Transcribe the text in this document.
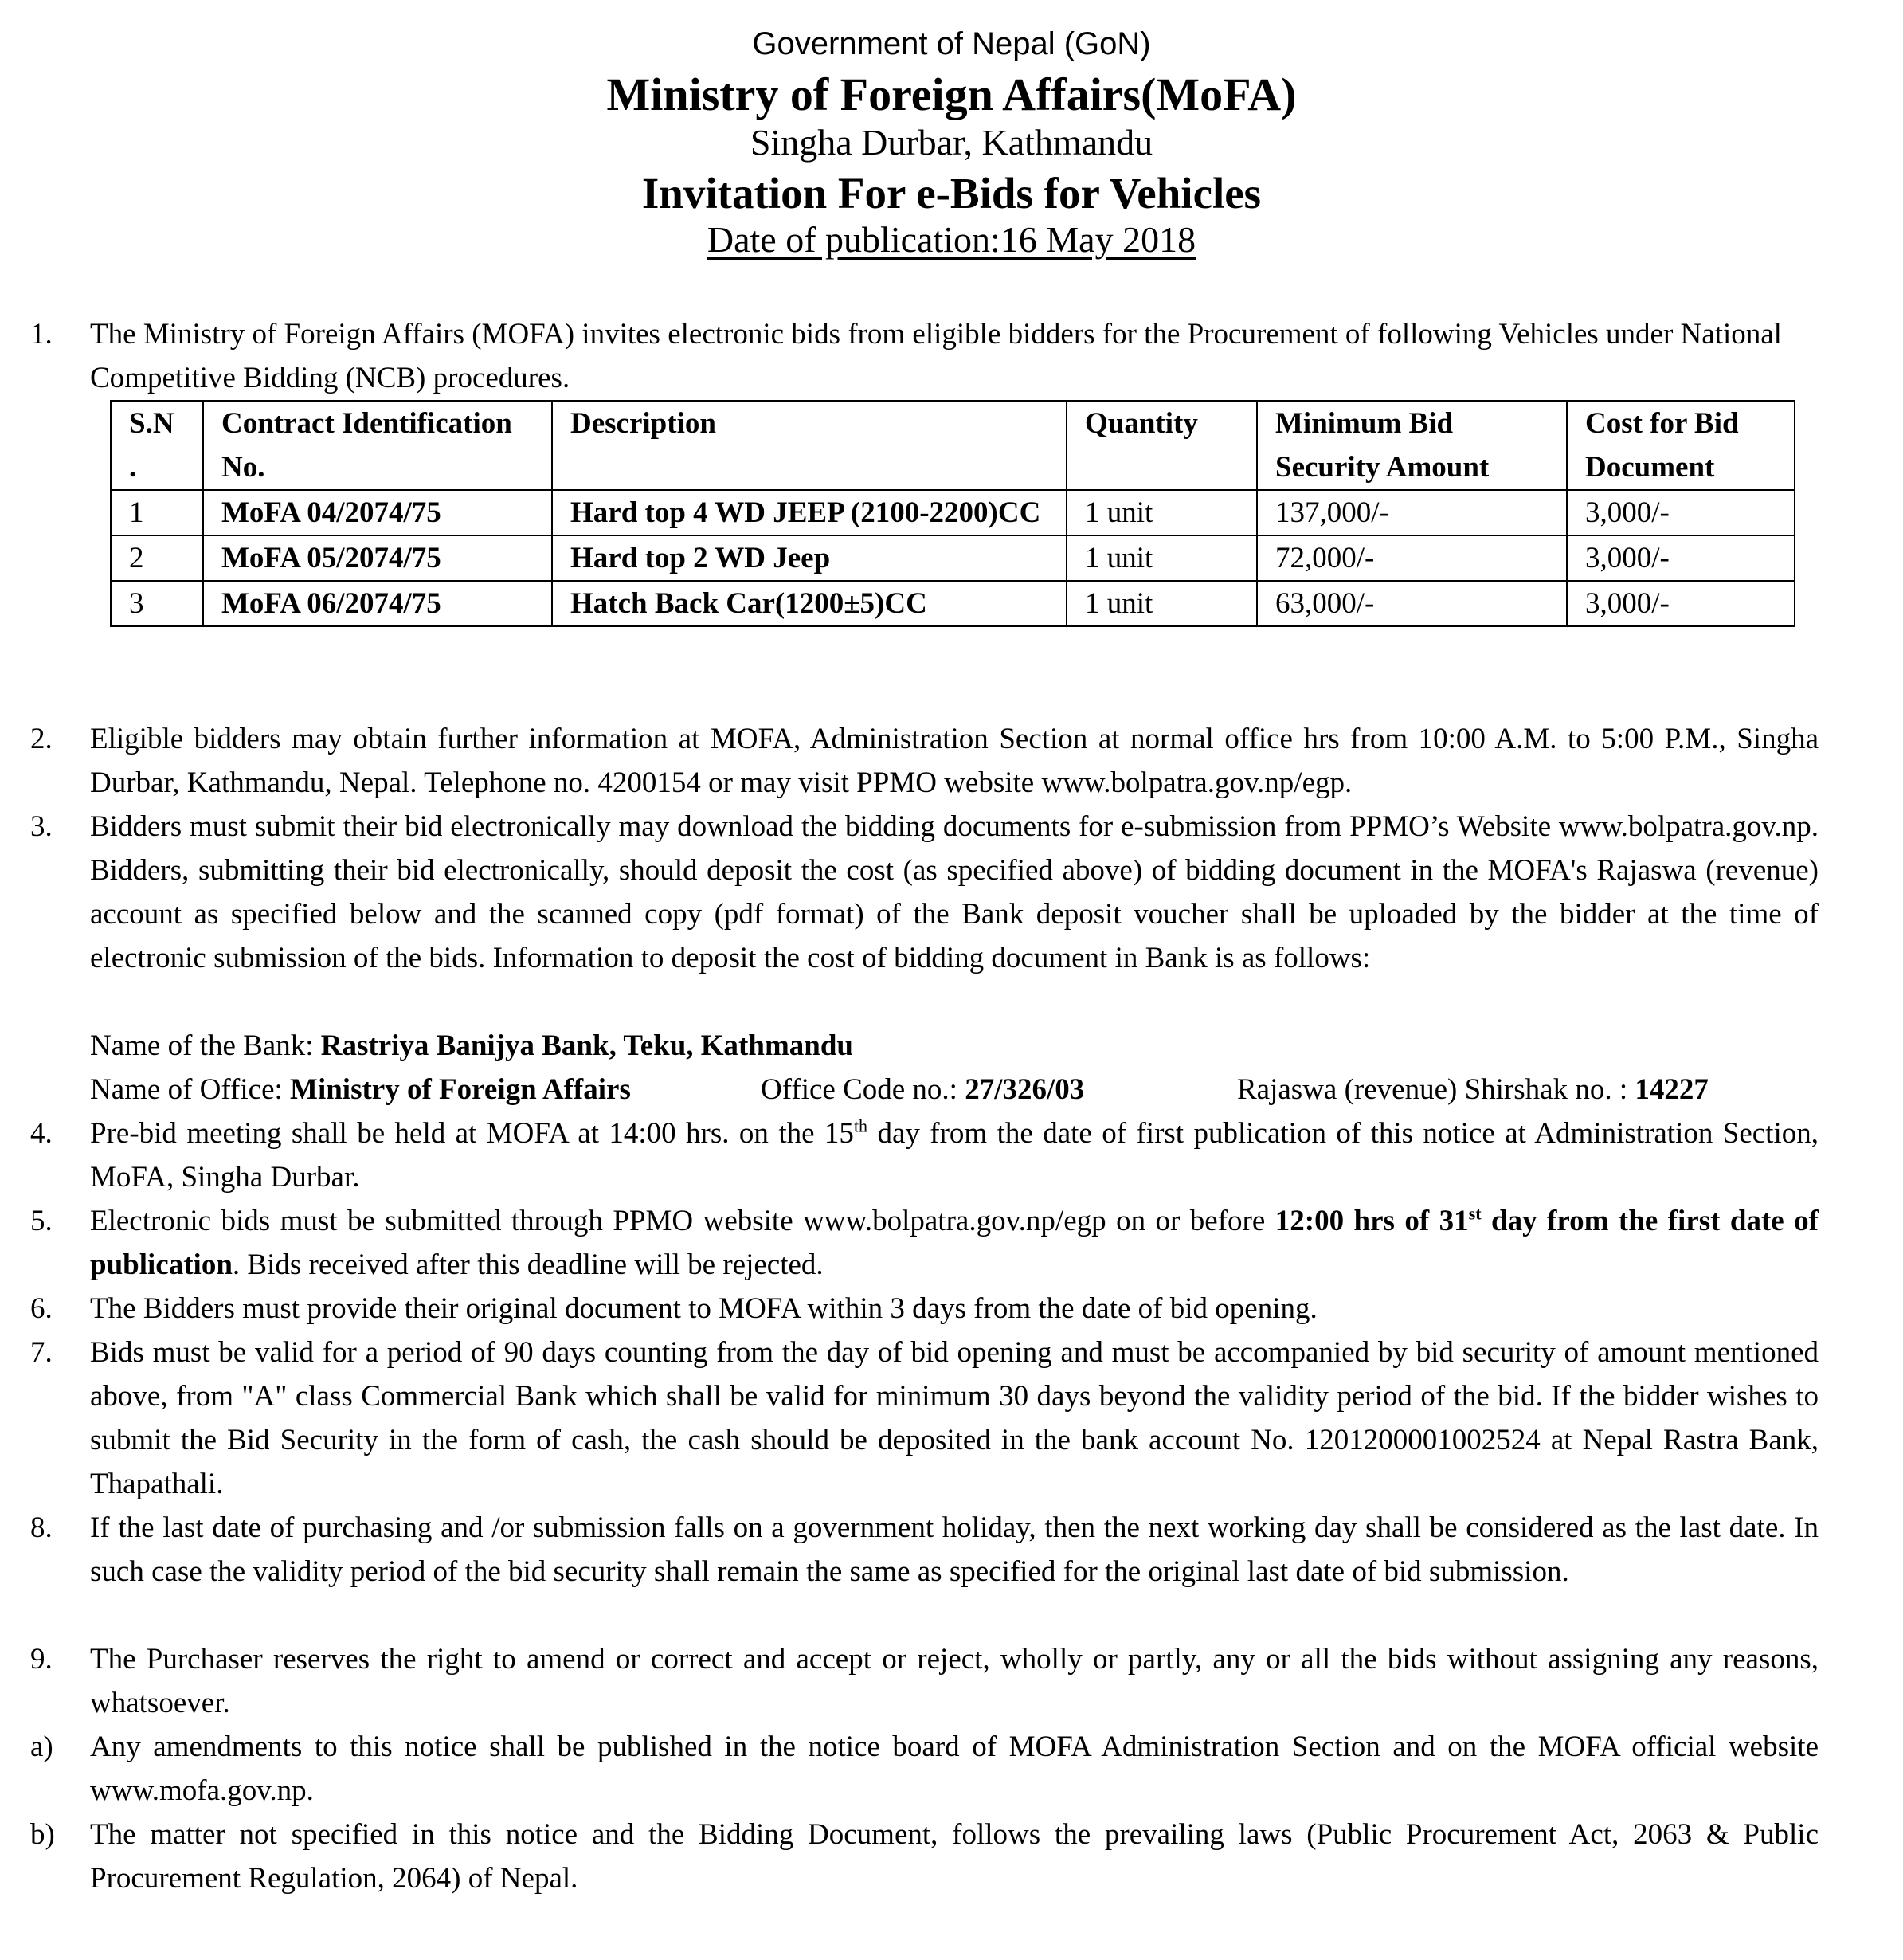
Government of Nepal (GoN)
Ministry of Foreign Affairs(MoFA)
Singha Durbar, Kathmandu
Invitation For e-Bids for Vehicles
Date of publication:16 May 2018
1. The Ministry of Foreign Affairs (MOFA) invites electronic bids from eligible bidders for the Procurement of following Vehicles under National Competitive Bidding (NCB) procedures.
S.N .	Contract Identification No.	Description	Quantity	Minimum Bid Security Amount	Cost for Bid Document
1	MoFA 04/2074/75	Hard top 4 WD JEEP (2100-2200)CC	1 unit	137,000/-	3,000/-
2	MoFA 05/2074/75	Hard top 2 WD Jeep	1 unit	72,000/-	3,000/-
3	MoFA 06/2074/75	Hatch Back Car(1200±5)CC	1 unit	63,000/-	3,000/-
2. Eligible bidders may obtain further information at MOFA, Administration Section at normal office hrs from 10:00 A.M. to 5:00 P.M., Singha Durbar, Kathmandu, Nepal. Telephone no. 4200154 or may visit PPMO website www.bolpatra.gov.np/egp.
3. Bidders must submit their bid electronically may download the bidding documents for e-submission from PPMO’s Website www.bolpatra.gov.np. Bidders, submitting their bid electronically, should deposit the cost (as specified above) of bidding document in the MOFA's Rajaswa (revenue) account as specified below and the scanned copy (pdf format) of the Bank deposit voucher shall be uploaded by the bidder at the time of electronic submission of the bids. Information to deposit the cost of bidding document in Bank is as follows:
Name of the Bank: Rastriya Banijya Bank, Teku, Kathmandu
Name of Office: Ministry of Foreign Affairs	Office Code no.: 27/326/03	Rajaswa (revenue) Shirshak no. : 14227
4. Pre-bid meeting shall be held at MOFA at 14:00 hrs. on the 15th day from the date of first publication of this notice at Administration Section, MoFA, Singha Durbar.
5. Electronic bids must be submitted through PPMO website www.bolpatra.gov.np/egp on or before 12:00 hrs of 31st day from the first date of publication. Bids received after this deadline will be rejected.
6. The Bidders must provide their original document to MOFA within 3 days from the date of bid opening.
7. Bids must be valid for a period of 90 days counting from the day of bid opening and must be accompanied by bid security of amount mentioned above, from "A" class Commercial Bank which shall be valid for minimum 30 days beyond the validity period of the bid. If the bidder wishes to submit the Bid Security in the form of cash, the cash should be deposited in the bank account No. 1201200001002524 at Nepal Rastra Bank, Thapathali.
8. If the last date of purchasing and /or submission falls on a government holiday, then the next working day shall be considered as the last date. In such case the validity period of the bid security shall remain the same as specified for the original last date of bid submission.
9. The Purchaser reserves the right to amend or correct and accept or reject, wholly or partly, any or all the bids without assigning any reasons, whatsoever.
a) Any amendments to this notice shall be published in the notice board of MOFA Administration Section and on the MOFA official website www.mofa.gov.np.
b) The matter not specified in this notice and the Bidding Document, follows the prevailing laws (Public Procurement Act, 2063 & Public Procurement Regulation, 2064) of Nepal.
